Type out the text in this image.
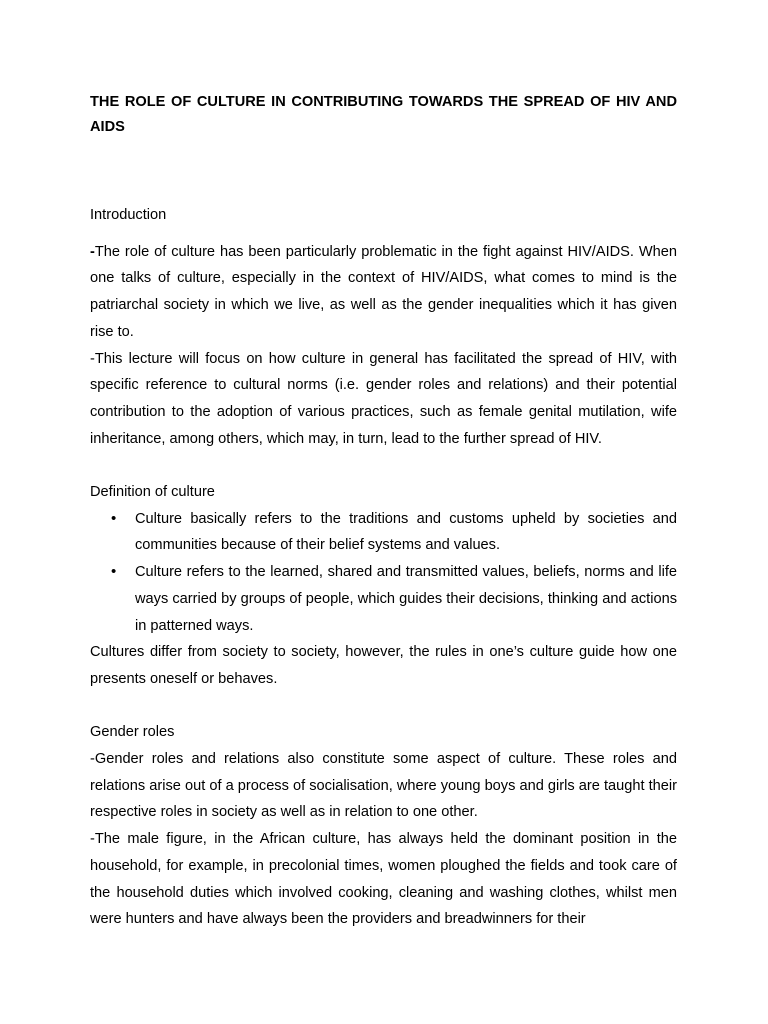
THE ROLE OF CULTURE IN CONTRIBUTING TOWARDS THE SPREAD OF HIV AND AIDS
Introduction

-The role of culture has been particularly problematic in the fight against HIV/AIDS. When one talks of culture, especially in the context of HIV/AIDS, what comes to mind is the patriarchal society in which we live, as well as the gender inequalities which it has given rise to.

-This lecture will focus on how culture in general has facilitated the spread of HIV, with specific reference to cultural norms (i.e. gender roles and relations) and their potential contribution to the adoption of various practices, such as female genital mutilation, wife inheritance, among others, which may, in turn, lead to the further spread of HIV.

Definition of culture
• Culture basically refers to the traditions and customs upheld by societies and communities because of their belief systems and values.
• Culture refers to the learned, shared and transmitted values, beliefs, norms and life ways carried by groups of people, which guides their decisions, thinking and actions in patterned ways.

Cultures differ from society to society, however, the rules in one’s culture guide how one presents oneself or behaves.

Gender roles

-Gender roles and relations also constitute some aspect of culture. These roles and relations arise out of a process of socialisation, where young boys and girls are taught their respective roles in society as well as in relation to one other.

-The male figure, in the African culture, has always held the dominant position in the household, for example, in precolonial times, women ploughed the fields and took care of the household duties which involved cooking, cleaning and washing clothes, whilst men were hunters and have always been the providers and breadwinners for their
